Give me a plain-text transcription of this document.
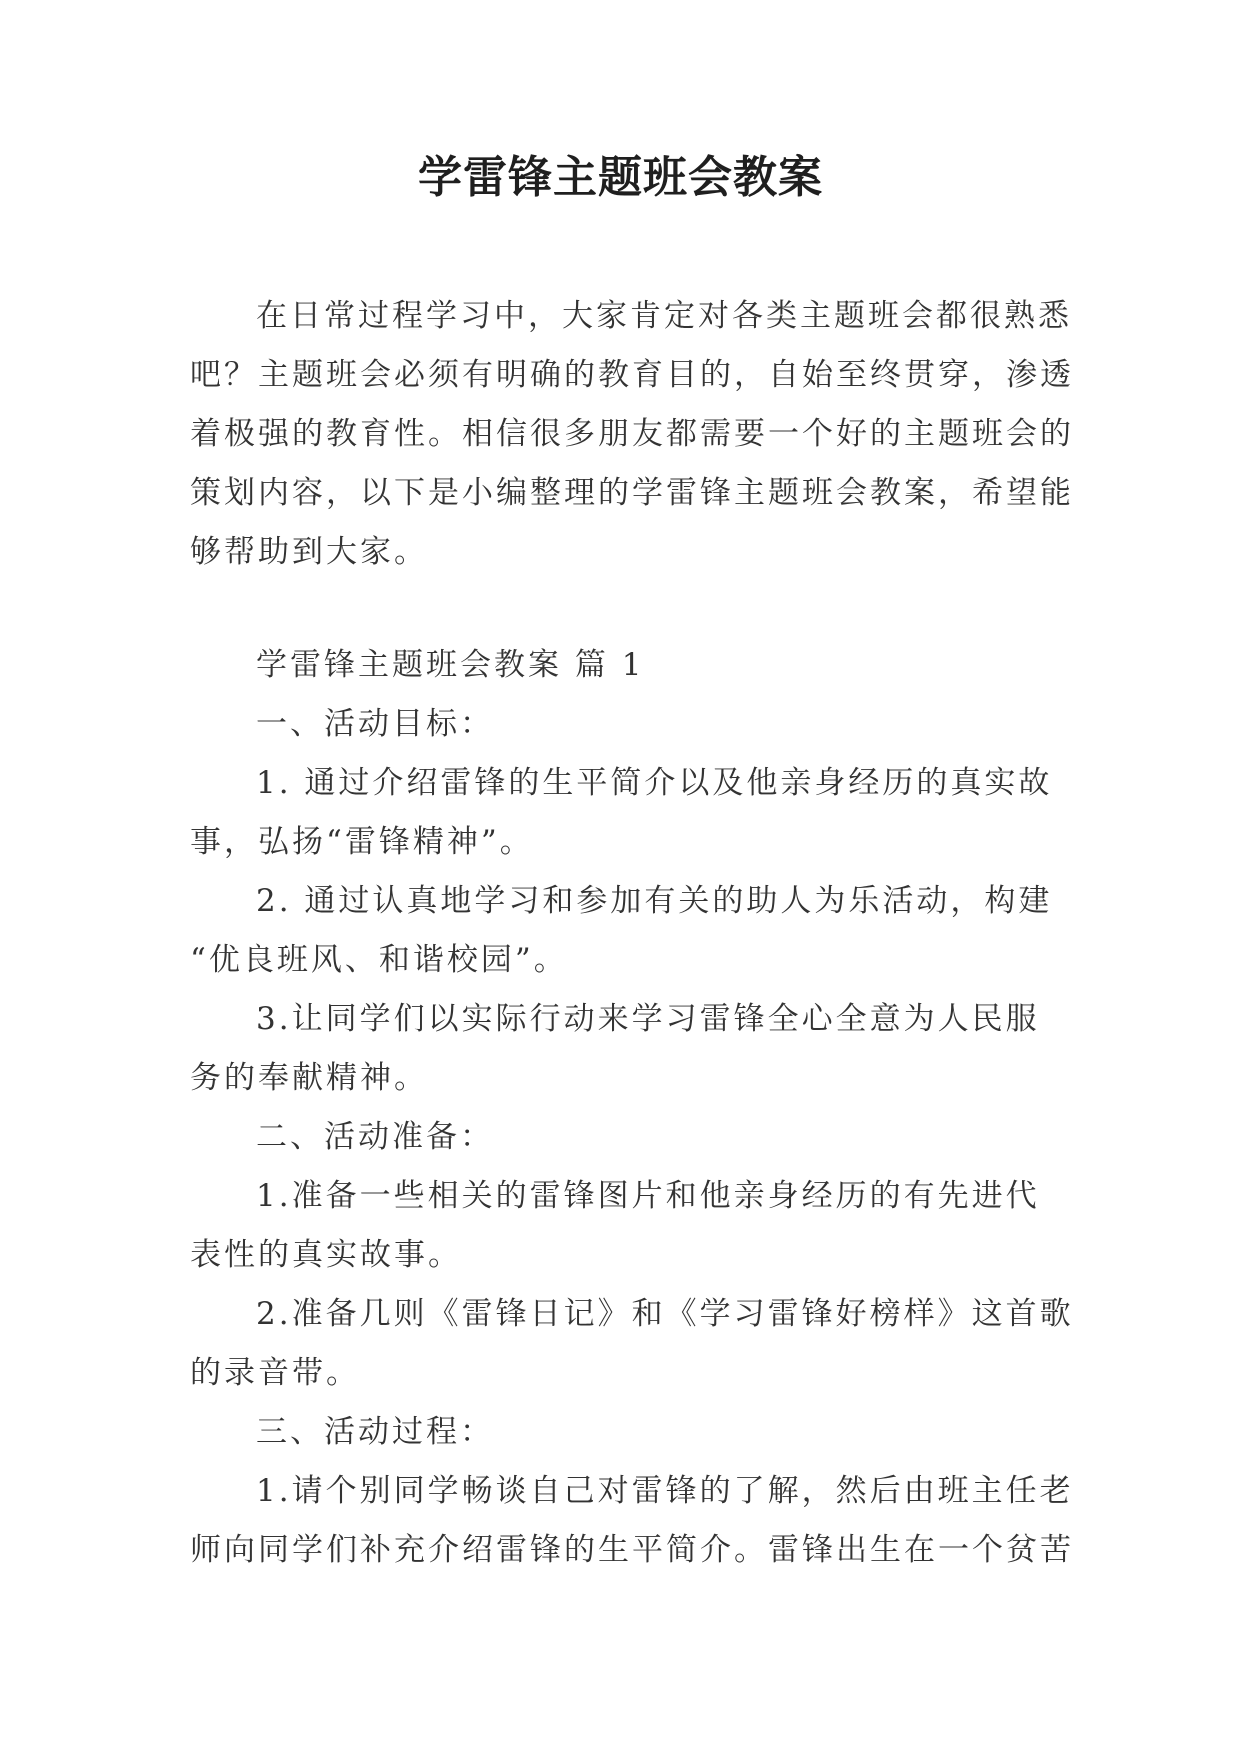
学雷锋主题班会教案
在日常过程学习中，大家肯定对各类主题班会都很熟悉
吧？主题班会必须有明确的教育目的，自始至终贯穿，渗透
着极强的教育性。相信很多朋友都需要一个好的主题班会的
策划内容，以下是小编整理的学雷锋主题班会教案，希望能
够帮助到大家。
学雷锋主题班会教案 篇 1
一、活动目标：
1. 通过介绍雷锋的生平简介以及他亲身经历的真实故
事，弘扬“雷锋精神”。
2. 通过认真地学习和参加有关的助人为乐活动，构建
“优良班风、和谐校园”。
3.让同学们以实际行动来学习雷锋全心全意为人民服
务的奉献精神。
二、活动准备：
1.准备一些相关的雷锋图片和他亲身经历的有先进代
表性的真实故事。
2.准备几则《雷锋日记》和《学习雷锋好榜样》这首歌
的录音带。
三、活动过程：
1.请个别同学畅谈自己对雷锋的了解，然后由班主任老
师向同学们补充介绍雷锋的生平简介。雷锋出生在一个贫苦
